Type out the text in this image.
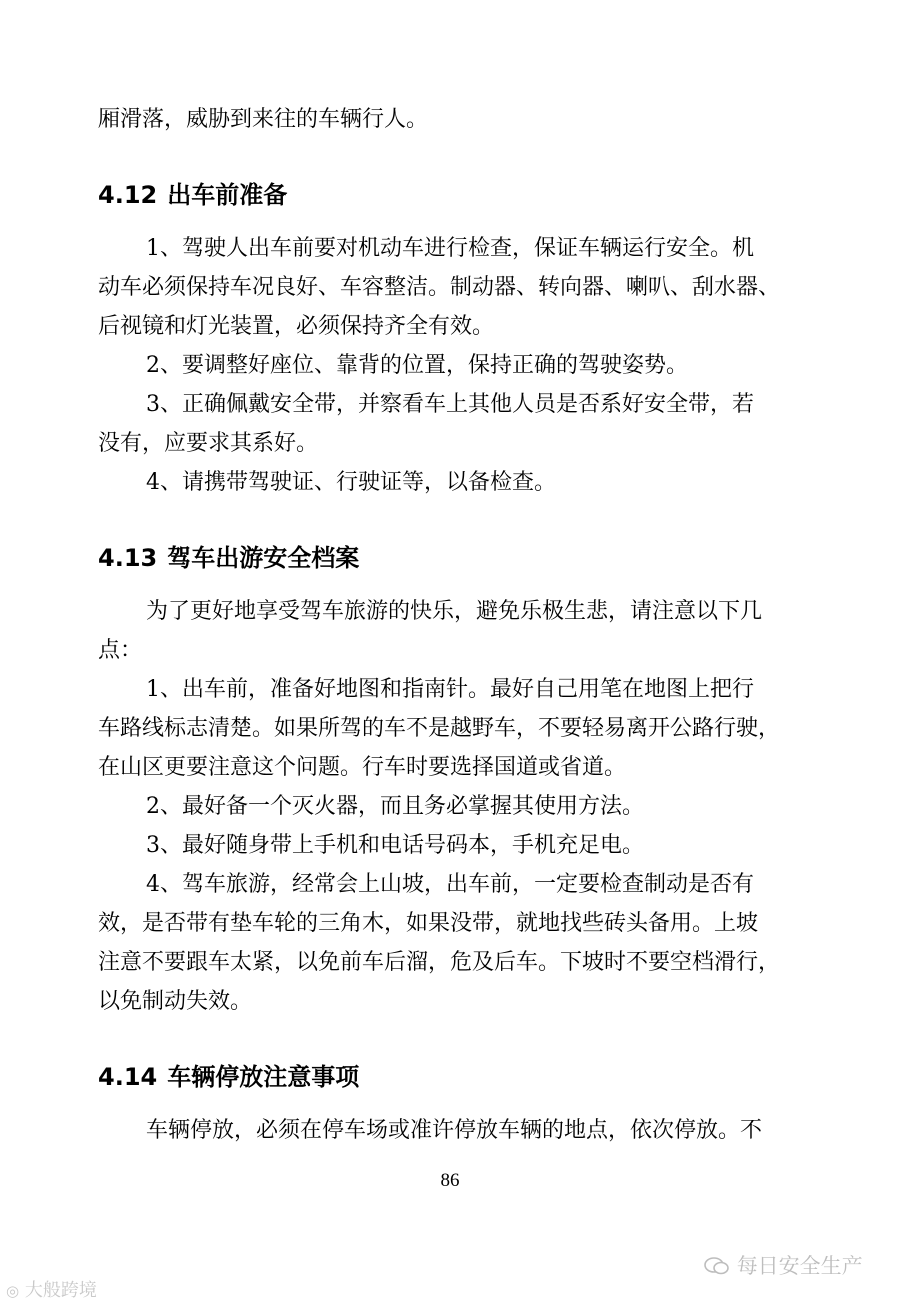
厢滑落，威胁到来往的车辆行人。

4.12 出车前准备

1、驾驶人出车前要对机动车进行检查，保证车辆运行安全。机

动车必须保持车况良好、车容整洁。制动器、转向器、喇叭、刮水器、

后视镜和灯光装置，必须保持齐全有效。

2、要调整好座位、靠背的位置，保持正确的驾驶姿势。

3、正确佩戴安全带，并察看车上其他人员是否系好安全带，若

没有，应要求其系好。

4、请携带驾驶证、行驶证等，以备检查。

4.13 驾车出游安全档案

为了更好地享受驾车旅游的快乐，避免乐极生悲，请注意以下几

点：

1、出车前，准备好地图和指南针。最好自己用笔在地图上把行

车路线标志清楚。如果所驾的车不是越野车，不要轻易离开公路行驶，

在山区更要注意这个问题。行车时要选择国道或省道。

2、最好备一个灭火器，而且务必掌握其使用方法。

3、最好随身带上手机和电话号码本，手机充足电。

4、驾车旅游，经常会上山坡，出车前，一定要检查制动是否有

效，是否带有垫车轮的三角木，如果没带，就地找些砖头备用。上坡

注意不要跟车太紧，以免前车后溜，危及后车。下坡时不要空档滑行，

以免制动失效。

4.14 车辆停放注意事项

车辆停放，必须在停车场或准许停放车辆的地点，依次停放。不

86
◎ 大般跨境
每日安全生产
